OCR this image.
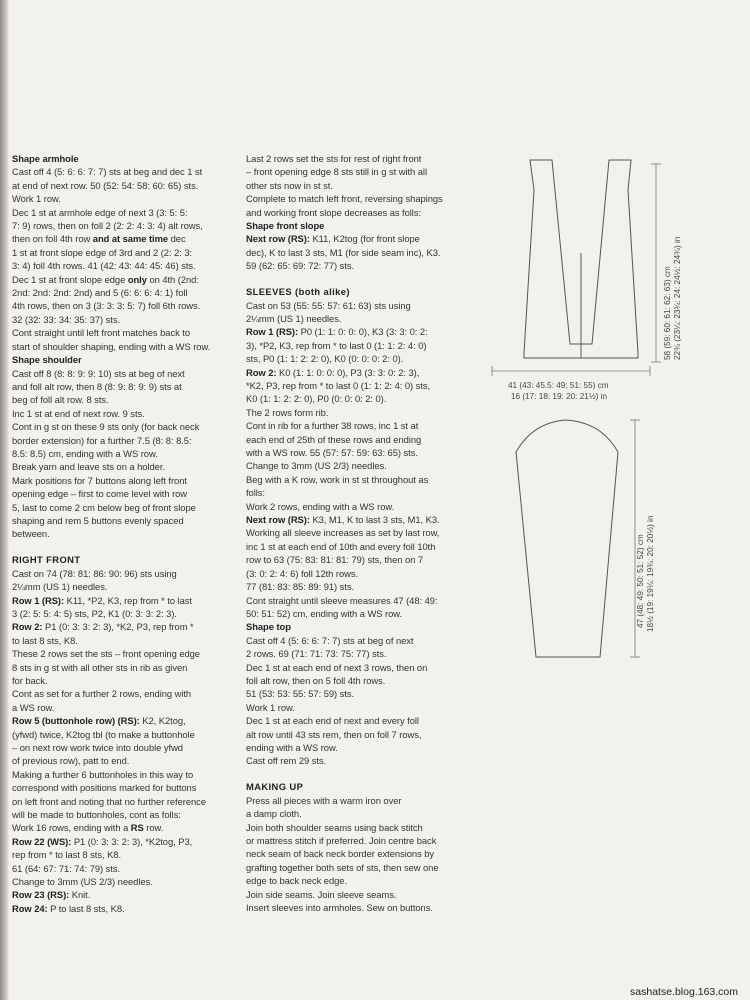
Shape armhole

Cast off 4 (5: 6: 6: 7: 7) sts at beg and dec 1 st
at end of next row. 50 (52: 54: 58: 60: 65) sts.
Work 1 row.
Dec 1 st at armhole edge of next 3 (3: 5: 5:
7: 9) rows, then on foll 2 (2: 2: 4: 3: 4) alt rows,
then on foll 4th row and at same time dec
1 st at front slope edge of 3rd and 2 (2: 2: 3:
3: 4) foll 4th rows. 41 (42: 43: 44: 45: 46) sts.
Dec 1 st at front slope edge only on 4th (2nd:
2nd: 2nd: 2nd: 2nd) and 5 (6: 6: 6: 4: 1) foll
4th rows, then on 3 (3: 3: 3: 5: 7) foll 6th rows.
32 (32: 33: 34: 35: 37) sts.
Cont straight until left front matches back to
start of shoulder shaping, ending with a WS row.

Shape shoulder

Cast off 8 (8: 8: 9: 9: 10) sts at beg of next
and foll alt row, then 8 (8: 9: 8: 9: 9) sts at
beg of foll alt row. 8 sts.
Inc 1 st at end of next row. 9 sts.
Cont in g st on these 9 sts only (for back neck
border extension) for a further 7.5 (8: 8: 8.5:
8.5: 8.5) cm, ending with a WS row.
Break yarn and leave sts on a holder.
Mark positions for 7 buttons along left front
opening edge – first to come level with row
5, last to come 2 cm below beg of front slope
shaping and rem 5 buttons evenly spaced
between.

RIGHT FRONT

Cast on 74 (78: 81: 86: 90: 96) sts using
2¼mm (US 1) needles.

Row 1 (RS): K11, *P2, K3, rep from * to last
3 (2: 5: 5: 4: 5) sts, P2, K1 (0: 3: 3: 2: 3).

Row 2: P1 (0: 3: 3: 2: 3), *K2, P3, rep from *
to last 8 sts, K8.

These 2 rows set the sts – front opening edge
8 sts in g st with all other sts in rib as given
for back.
Cont as set for a further 2 rows, ending with
a WS row.

Row 5 (buttonhole row) (RS): K2, K2tog,
(yfwd) twice, K2tog tbl (to make a buttonhole
– on next row work twice into double yfwd
of previous row), patt to end.
Making a further 6 buttonholes in this way to
correspond with positions marked for buttons
on left front and noting that no further reference
will be made to buttonholes, cont as folls:
Work 16 rows, ending with a RS row.

Row 22 (WS): P1 (0: 3: 3: 2: 3), *K2tog, P3,
rep from * to last 8 sts, K8.
61 (64: 67: 71: 74: 79) sts.
Change to 3mm (US 2/3) needles.

Row 23 (RS): Knit.

Row 24: P to last 8 sts, K8.

Last 2 rows set the sts for rest of right front
– front opening edge 8 sts still in g st with all
other sts now in st st.
Complete to match left front, reversing shapings
and working front slope decreases as folls:

Shape front slope

Next row (RS): K11, K2tog (for front slope
dec), K to last 3 sts, M1 (for side seam inc), K3.
59 (62: 65: 69: 72: 77) sts.

SLEEVES (both alike)

Cast on 53 (55: 55: 57: 61: 63) sts using
2¼mm (US 1) needles.

Row 1 (RS): P0 (1: 1: 0: 0: 0), K3 (3: 3: 0: 2:
3), *P2, K3, rep from * to last 0 (1: 1: 2: 4: 0)
sts, P0 (1: 1: 2: 2: 0), K0 (0: 0: 0: 2: 0).

Row 2: K0 (1: 1: 0: 0: 0), P3 (3: 3: 0: 2: 3),
*K2, P3, rep from * to last 0 (1: 1: 2: 4: 0) sts,
K0 (1: 1: 2: 2: 0), P0 (0: 0: 0: 2: 0).

The 2 rows form rib.
Cont in rib for a further 38 rows, inc 1 st at
each end of 25th of these rows and ending
with a WS row. 55 (57: 57: 59: 63: 65) sts.
Change to 3mm (US 2/3) needles.
Beg with a K row, work in st st throughout as
folls:
Work 2 rows, ending with a WS row.

Next row (RS): K3, M1, K to last 3 sts, M1, K3.
Working all sleeve increases as set by last row,
inc 1 st at each end of 10th and every foll 10th
row to 63 (75: 83: 81: 81: 79) sts, then on 7
(3: 0: 2: 4: 6) foll 12th rows.
77 (81: 83: 85: 89: 91) sts.
Cont straight until sleeve measures 47 (48: 49:
50: 51: 52) cm, ending with a WS row.

Shape top

Cast off 4 (5: 6: 6: 7: 7) sts at beg of next
2 rows. 69 (71: 71: 73: 75: 77) sts.
Dec 1 st at each end of next 3 rows, then on
foll alt row, then on 5 foll 4th rows.
51 (53: 53: 55: 57: 59) sts.
Work 1 row.
Dec 1 st at each end of next and every foll
alt row until 43 sts rem, then on foll 7 rows,
ending with a WS row.
Cast off rem 29 sts.

MAKING UP

Press all pieces with a warm iron over
a damp cloth.
Join both shoulder seams using back stitch
or mattress stitch if preferred. Join centre back
neck seam of back neck border extensions by
grafting together both sets of sts, then sew one
edge to back neck edge.
Join side seams. Join sleeve seams.
Insert sleeves into armholes. Sew on buttons.

58 (59: 60: 61: 62: 63) cm 22¾ (23¼: 23¾: 24: 24½: 24¾) in
41 (43: 45.5: 49: 51: 55) cm
16 (17: 18: 19: 20: 21½) in
47 (48: 49: 50: 51: 52) cm 18½ (19: 19¼: 19¾: 20: 20½) in
sashatse.blog.163.com
